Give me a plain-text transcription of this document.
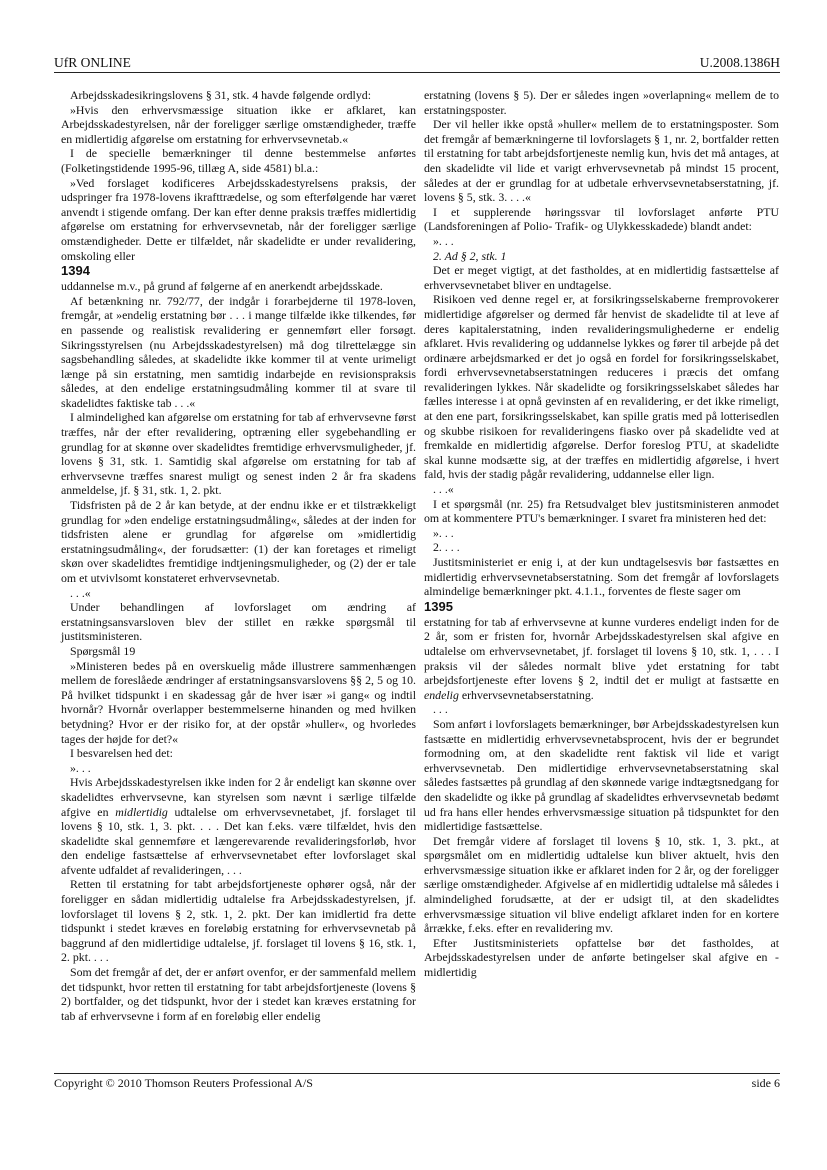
UfR ONLINE	U.2008.1386H

Arbejdsskadesikringslovens § 31, stk. 4 havde følgende ordlyd:

»Hvis den erhvervsmæssige situation ikke er afklaret, kan Arbejdsskadestyrelsen, når der foreligger særlige omstændigheder, træffe en midlertidig afgørelse om erstatning for erhvervsevnetab.«

I de specielle bemærkninger til denne bestemmelse anførtes (Folketingstidende 1995-96, tillæg A, side 4581) bl.a.:

»Ved forslaget kodificeres Arbejdsskadestyrelsens praksis, der udspringer fra 1978-lovens ikrafttrædelse, og som efterfølgende har været anvendt i stigende omfang. Der kan efter denne praksis træffes midlertidig afgørelse om erstatning for erhvervsevnetab, når der foreligger særlige omstændigheder. Dette er tilfældet, når skadelidte er under revalidering, omskoling eller

1394

uddannelse m.v., på grund af følgerne af en anerkendt arbejdsskade.

Af betænkning nr. 792/77, der indgår i forarbejderne til 1978-loven, fremgår, at »endelig erstatning bør . . . i mange tilfælde ikke tilkendes, før en passende og realistisk revalidering er gennemført eller forsøgt. Sikringsstyrelsen (nu Arbejdsskadestyrelsen) må dog tilrettelægge sin sagsbehandling således, at skadelidte ikke kommer til at vente urimeligt længe på sin erstatning, men samtidig indarbejde en revisionspraksis således, at den endelige erstatningsudmåling kommer til at svare til skadelidtes faktiske tab . . .«

I almindelighed kan afgørelse om erstatning for tab af erhvervsevne først træffes, når der efter revalidering, optræning eller sygebehandling er grundlag for at skønne over skadelidtes fremtidige erhvervsmuligheder, jf. lovens § 31, stk. 1. Samtidig skal afgørelse om erstatning for tab af erhvervsevne træffes snarest muligt og senest inden 2 år fra skadens anmeldelse, jf. § 31, stk. 1, 2. pkt.

Tidsfristen på de 2 år kan betyde, at der endnu ikke er et tilstrækkeligt grundlag for »den endelige erstatningsudmåling«, således at der inden for tidsfristen alene er grundlag for afgørelse om »midlertidig erstatningsudmåling«, der forudsætter: (1) der kan foretages et rimeligt skøn over skadelidtes fremtidige indtjeningsmuligheder, og (2) der er tale om et utvivlsomt konstateret erhvervsevnetab.

. . .«

Under behandlingen af lovforslaget om ændring af erstatningsansvarsloven blev der stillet en række spørgsmål til justitsministeren.

Spørgsmål 19

»Ministeren bedes på en overskuelig måde illustrere sammenhængen mellem de foreslåede ændringer af erstatningsansvarslovens §§ 2, 5 og 10. På hvilket tidspunkt i en skadessag går de hver især »i gang« og indtil hvornår? Hvornår overlapper bestemmelserne hinanden og med hvilken betydning? Hvor er der risiko for, at der opstår »huller«, og hvorledes tages der højde for det?«

I besvarelsen hed det:

». . .

Hvis Arbejdsskadestyrelsen ikke inden for 2 år endeligt kan skønne over skadelidtes erhvervsevne, kan styrelsen som nævnt i særlige tilfælde afgive en midlertidig udtalelse om erhvervsevnetabet, jf. forslaget til lovens § 10, stk. 1, 3. pkt. . . . Det kan f.eks. være tilfældet, hvis den skadelidte skal gennemføre et længerevarende revalideringsforløb, hvor den endelige fastsættelse af erhvervsevnetabet efter lovforslaget skal afvente udfaldet af revalideringen, . . .

Retten til erstatning for tabt arbejdsfortjeneste ophører også, når der foreligger en sådan midlertidig udtalelse fra Arbejdsskadestyrelsen, jf. lovforslaget til lovens § 2, stk. 1, 2. pkt. Der kan imidlertid fra dette tidspunkt i stedet kræves en foreløbig erstatning for erhvervsevnetab på baggrund af den midlertidige udtalelse, jf. forslaget til lovens § 16, stk. 1, 2. pkt. . . .

Som det fremgår af det, der er anført ovenfor, er der sammenfald mellem det tidspunkt, hvor retten til erstatning for tabt arbejdsfortjeneste (lovens § 2) bortfalder, og det tidspunkt, hvor der i stedet kan kræves erstatning for tab af erhvervsevne i form af en foreløbig eller endelig

erstatning (lovens § 5). Der er således ingen »overlapning« mellem de to erstatningsposter.

Der vil heller ikke opstå »huller« mellem de to erstatningsposter. Som det fremgår af bemærkningerne til lovforslagets § 1, nr. 2, bortfalder retten til erstatning for tabt arbejdsfortjeneste nemlig kun, hvis det må antages, at den skadelidte vil lide et varigt erhvervsevnetab på mindst 15 procent, således at der er grundlag for at udbetale erhvervsevnetabserstatning, jf. lovens § 5, stk. 3. . . .«

I et supplerende høringssvar til lovforslaget anførte PTU (Landsforeningen af Polio- Trafik- og Ulykkesskadede) blandt andet:

». . .

2. Ad § 2, stk. 1

Det er meget vigtigt, at det fastholdes, at en midlertidig fastsættelse af erhvervsevnetabet bliver en undtagelse.

Risikoen ved denne regel er, at forsikringsselskaberne fremprovokerer midlertidige afgørelser og dermed får henvist de skadelidte til at leve af deres kapitalerstatning, inden revalideringsmulighederne er endelig afklaret. Hvis revalidering og uddannelse lykkes og fører til arbejde på det ordinære arbejdsmarked er det jo også en fordel for forsikringsselskabet, fordi erhvervsevnetabserstatningen reduceres i præcis det omfang revalideringen lykkes. Når skadelidte og forsikringsselskabet således har fælles interesse i at opnå gevinsten af en revalidering, er det ikke rimeligt, at den ene part, forsikringsselskabet, kan spille gratis med på lotterisedlen og skubbe risikoen for revalideringens fiasko over på skadelidte ved at fremkalde en midlertidig afgørelse. Derfor foreslog PTU, at skadelidte skal kunne modsætte sig, at der træffes en midlertidig afgørelse, i hvert fald, hvis der stadig pågår revalidering, uddannelse eller lign.

. . .«

I et spørgsmål (nr. 25) fra Retsudvalget blev justitsministeren anmodet om at kommentere PTU's bemærkninger. I svaret fra ministeren hed det:

». . .

2. . . .

Justitsministeriet er enig i, at der kun undtagelsesvis bør fastsættes en midlertidig erhvervsevnetabserstatning. Som det fremgår af lovforslagets almindelige bemærkninger pkt. 4.1.1., forventes de fleste sager om

1395

erstatning for tab af erhvervsevne at kunne vurderes endeligt inden for de 2 år, som er fristen for, hvornår Arbejdsskadestyrelsen skal afgive en udtalelse om erhvervsevnetabet, jf. forslaget til lovens § 10, stk. 1, . . . I praksis vil der således normalt blive ydet erstatning for tabt arbejdsfortjeneste efter lovens § 2, indtil det er muligt at fastsætte en endelig erhvervsevnetabserstatning.

. . .

Som anført i lovforslagets bemærkninger, bør Arbejdsskadestyrelsen kun fastsætte en midlertidig erhvervsevnetabsprocent, hvis der er begrundet formodning om, at den skadelidte rent faktisk vil lide et varigt erhvervsevnetab. Den midlertidige erhvervsevnetabserstatning skal således fastsættes på grundlag af den skønnede varige indtægtsnedgang for den skadelidte og ikke på grundlag af skadelidtes erhvervsevnetab bedømt ud fra hans eller hendes erhvervsmæssige situation på tidspunktet for den midlertidige fastsættelse.

Det fremgår videre af forslaget til lovens § 10, stk. 1, 3. pkt., at spørgsmålet om en midlertidig udtalelse kun bliver aktuelt, hvis den erhvervsmæssige situation ikke er afklaret inden for 2 år, og der foreligger særlige omstændigheder. Afgivelse af en midlertidig udtalelse må således i almindelighed forudsætte, at der er udsigt til, at den skadelidtes erhvervsmæssige situation vil blive endeligt afklaret inden for en kortere årrække, f.eks. efter en revalidering mv.

Efter Justitsministeriets opfattelse bør det fastholdes, at Arbejdsskadestyrelsen under de anførte betingelser skal afgive en - midlertidig

Copyright © 2010 Thomson Reuters Professional A/S	side 6
